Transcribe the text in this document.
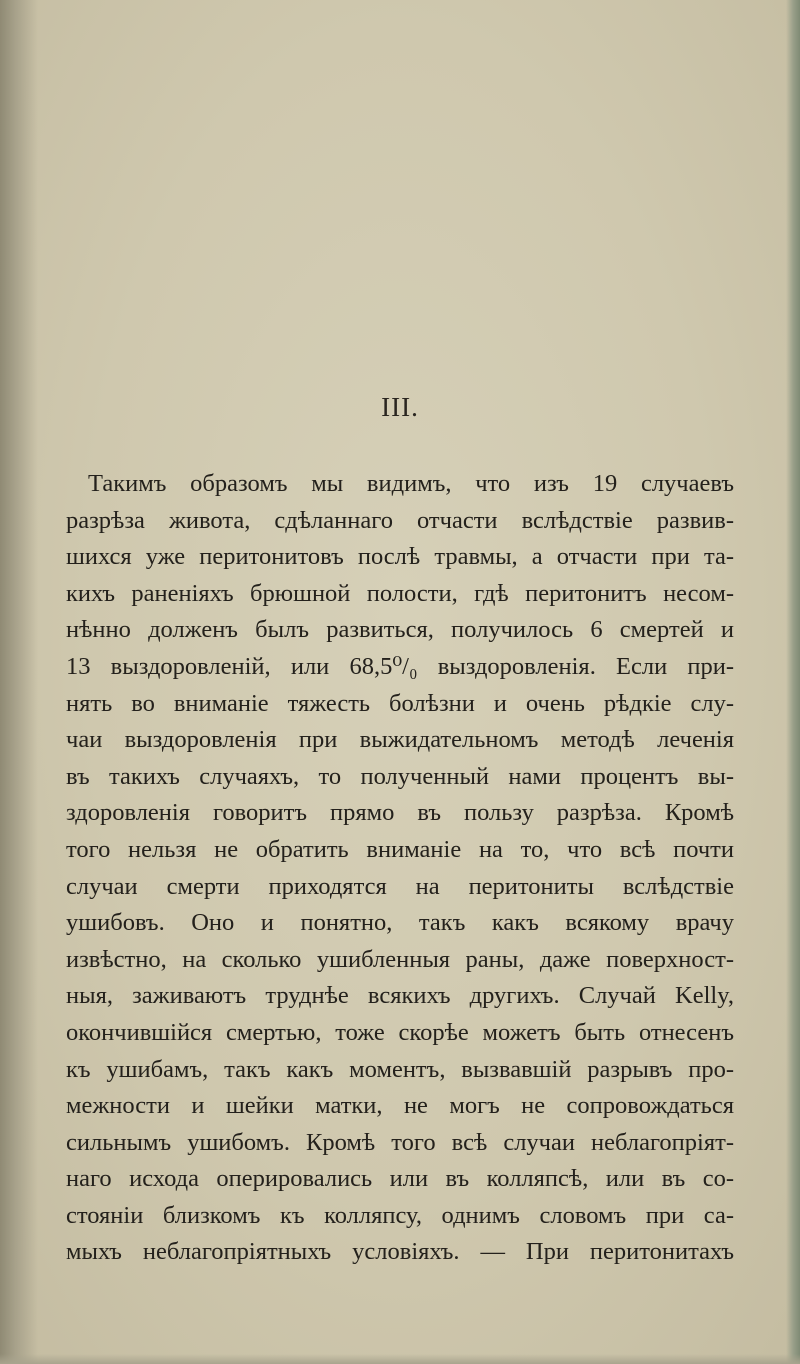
III.
Такимъ образомъ мы видимъ, что изъ 19 случаевъ
разрѣза живота, сдѣланнаго отчасти вслѣдствіе развив-
шихся уже перитонитовъ послѣ травмы, а отчасти при та-
кихъ раненіяхъ брюшной полости, гдѣ перитонитъ несом-
нѣнно долженъ былъ развиться, получилось 6 смертей и
13 выздоровленій, или 68,5⁰/₀ выздоровленія. Если при-
нять во вниманіе тяжесть болѣзни и очень рѣдкіе слу-
чаи выздоровленія при выжидательномъ методѣ леченія
въ такихъ случаяхъ, то полученный нами процентъ вы-
здоровленія говоритъ прямо въ пользу разрѣза. Кромѣ
того нельзя не обратить вниманіе на то, что всѣ почти
случаи смерти приходятся на перитониты вслѣдствіе
ушибовъ. Оно и понятно, такъ какъ всякому врачу
извѣстно, на сколько ушибленныя раны, даже поверхност-
ныя, заживаютъ труднѣе всякихъ другихъ. Случай Kelly,
окончившійся смертью, тоже скорѣе можетъ быть отнесенъ
къ ушибамъ, такъ какъ моментъ, вызвавшій разрывъ про-
межности и шейки матки, не могъ не сопровождаться
сильнымъ ушибомъ. Кромѣ того всѣ случаи неблагопріят-
наго исхода оперировались или въ колляпсѣ, или въ со-
стояніи близкомъ къ колляпсу, однимъ словомъ при са-
мыхъ неблагопріятныхъ условіяхъ. — При перитонитахъ
